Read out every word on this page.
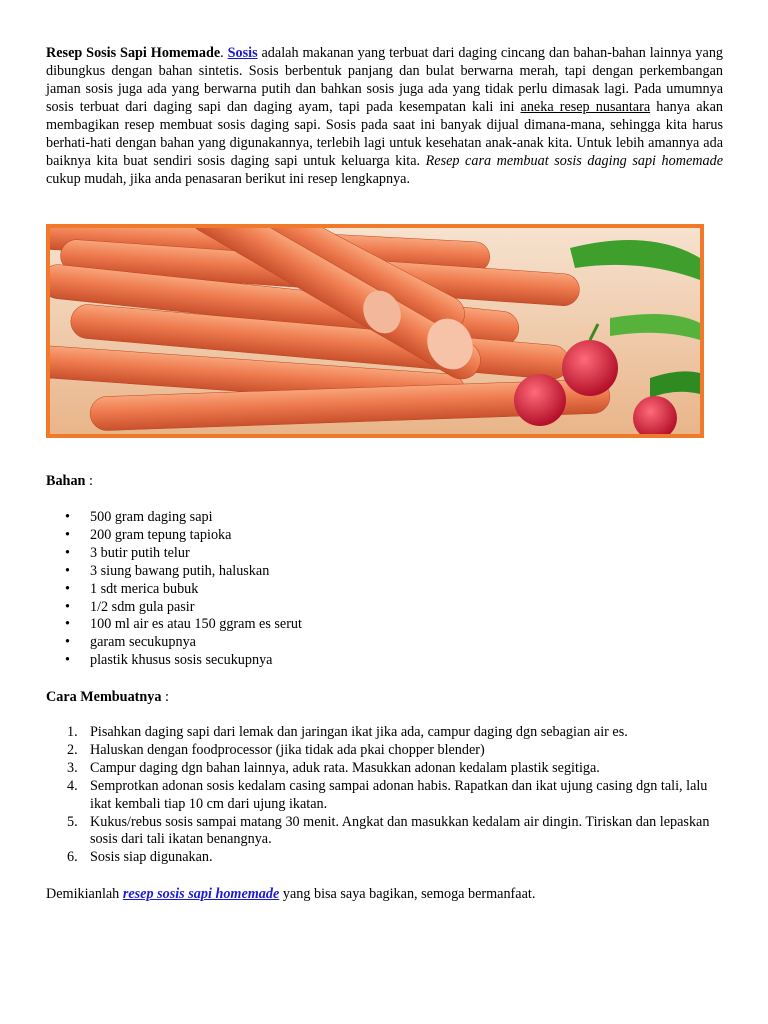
Resep Sosis Sapi Homemade. Sosis adalah makanan yang terbuat dari daging cincang dan bahan-bahan lainnya yang dibungkus dengan bahan sintetis. Sosis berbentuk panjang dan bulat berwarna merah, tapi dengan perkembangan jaman sosis juga ada yang berwarna putih dan bahkan sosis juga ada yang tidak perlu dimasak lagi. Pada umumnya sosis terbuat dari daging sapi dan daging ayam, tapi pada kesempatan kali ini aneka resep nusantara hanya akan membagikan resep membuat sosis daging sapi. Sosis pada saat ini banyak dijual dimana-mana, sehingga kita harus berhati-hati dengan bahan yang digunakannya, terlebih lagi untuk kesehatan anak-anak kita. Untuk lebih amannya ada baiknya kita buat sendiri sosis daging sapi untuk keluarga kita. Resep cara membuat sosis daging sapi homemade cukup mudah, jika anda penasaran berikut ini resep lengkapnya.

Bahan :

• 500 gram daging sapi
• 200 gram tepung tapioka
• 3 butir putih telur
• 3 siung bawang putih, haluskan
• 1 sdt merica bubuk
• 1/2 sdm gula pasir
• 100 ml air es atau 150 ggram es serut
• garam secukupnya
• plastik khusus sosis secukupnya

Cara Membuatnya :

1. Pisahkan daging sapi dari lemak dan jaringan ikat jika ada, campur daging dgn sebagian air es.
2. Haluskan dengan foodprocessor (jika tidak ada pkai chopper blender)
3. Campur daging dgn bahan lainnya, aduk rata. Masukkan adonan kedalam plastik segitiga.
4. Semprotkan adonan sosis kedalam casing sampai adonan habis. Rapatkan dan ikat ujung casing dgn tali, lalu ikat kembali tiap 10 cm dari ujung ikatan.
5. Kukus/rebus sosis sampai matang 30 menit. Angkat dan masukkan kedalam air dingin. Tiriskan dan lepaskan sosis dari tali ikatan benangnya.
6. Sosis siap digunakan.

Demikianlah resep sosis sapi homemade yang bisa saya bagikan, semoga bermanfaat.
